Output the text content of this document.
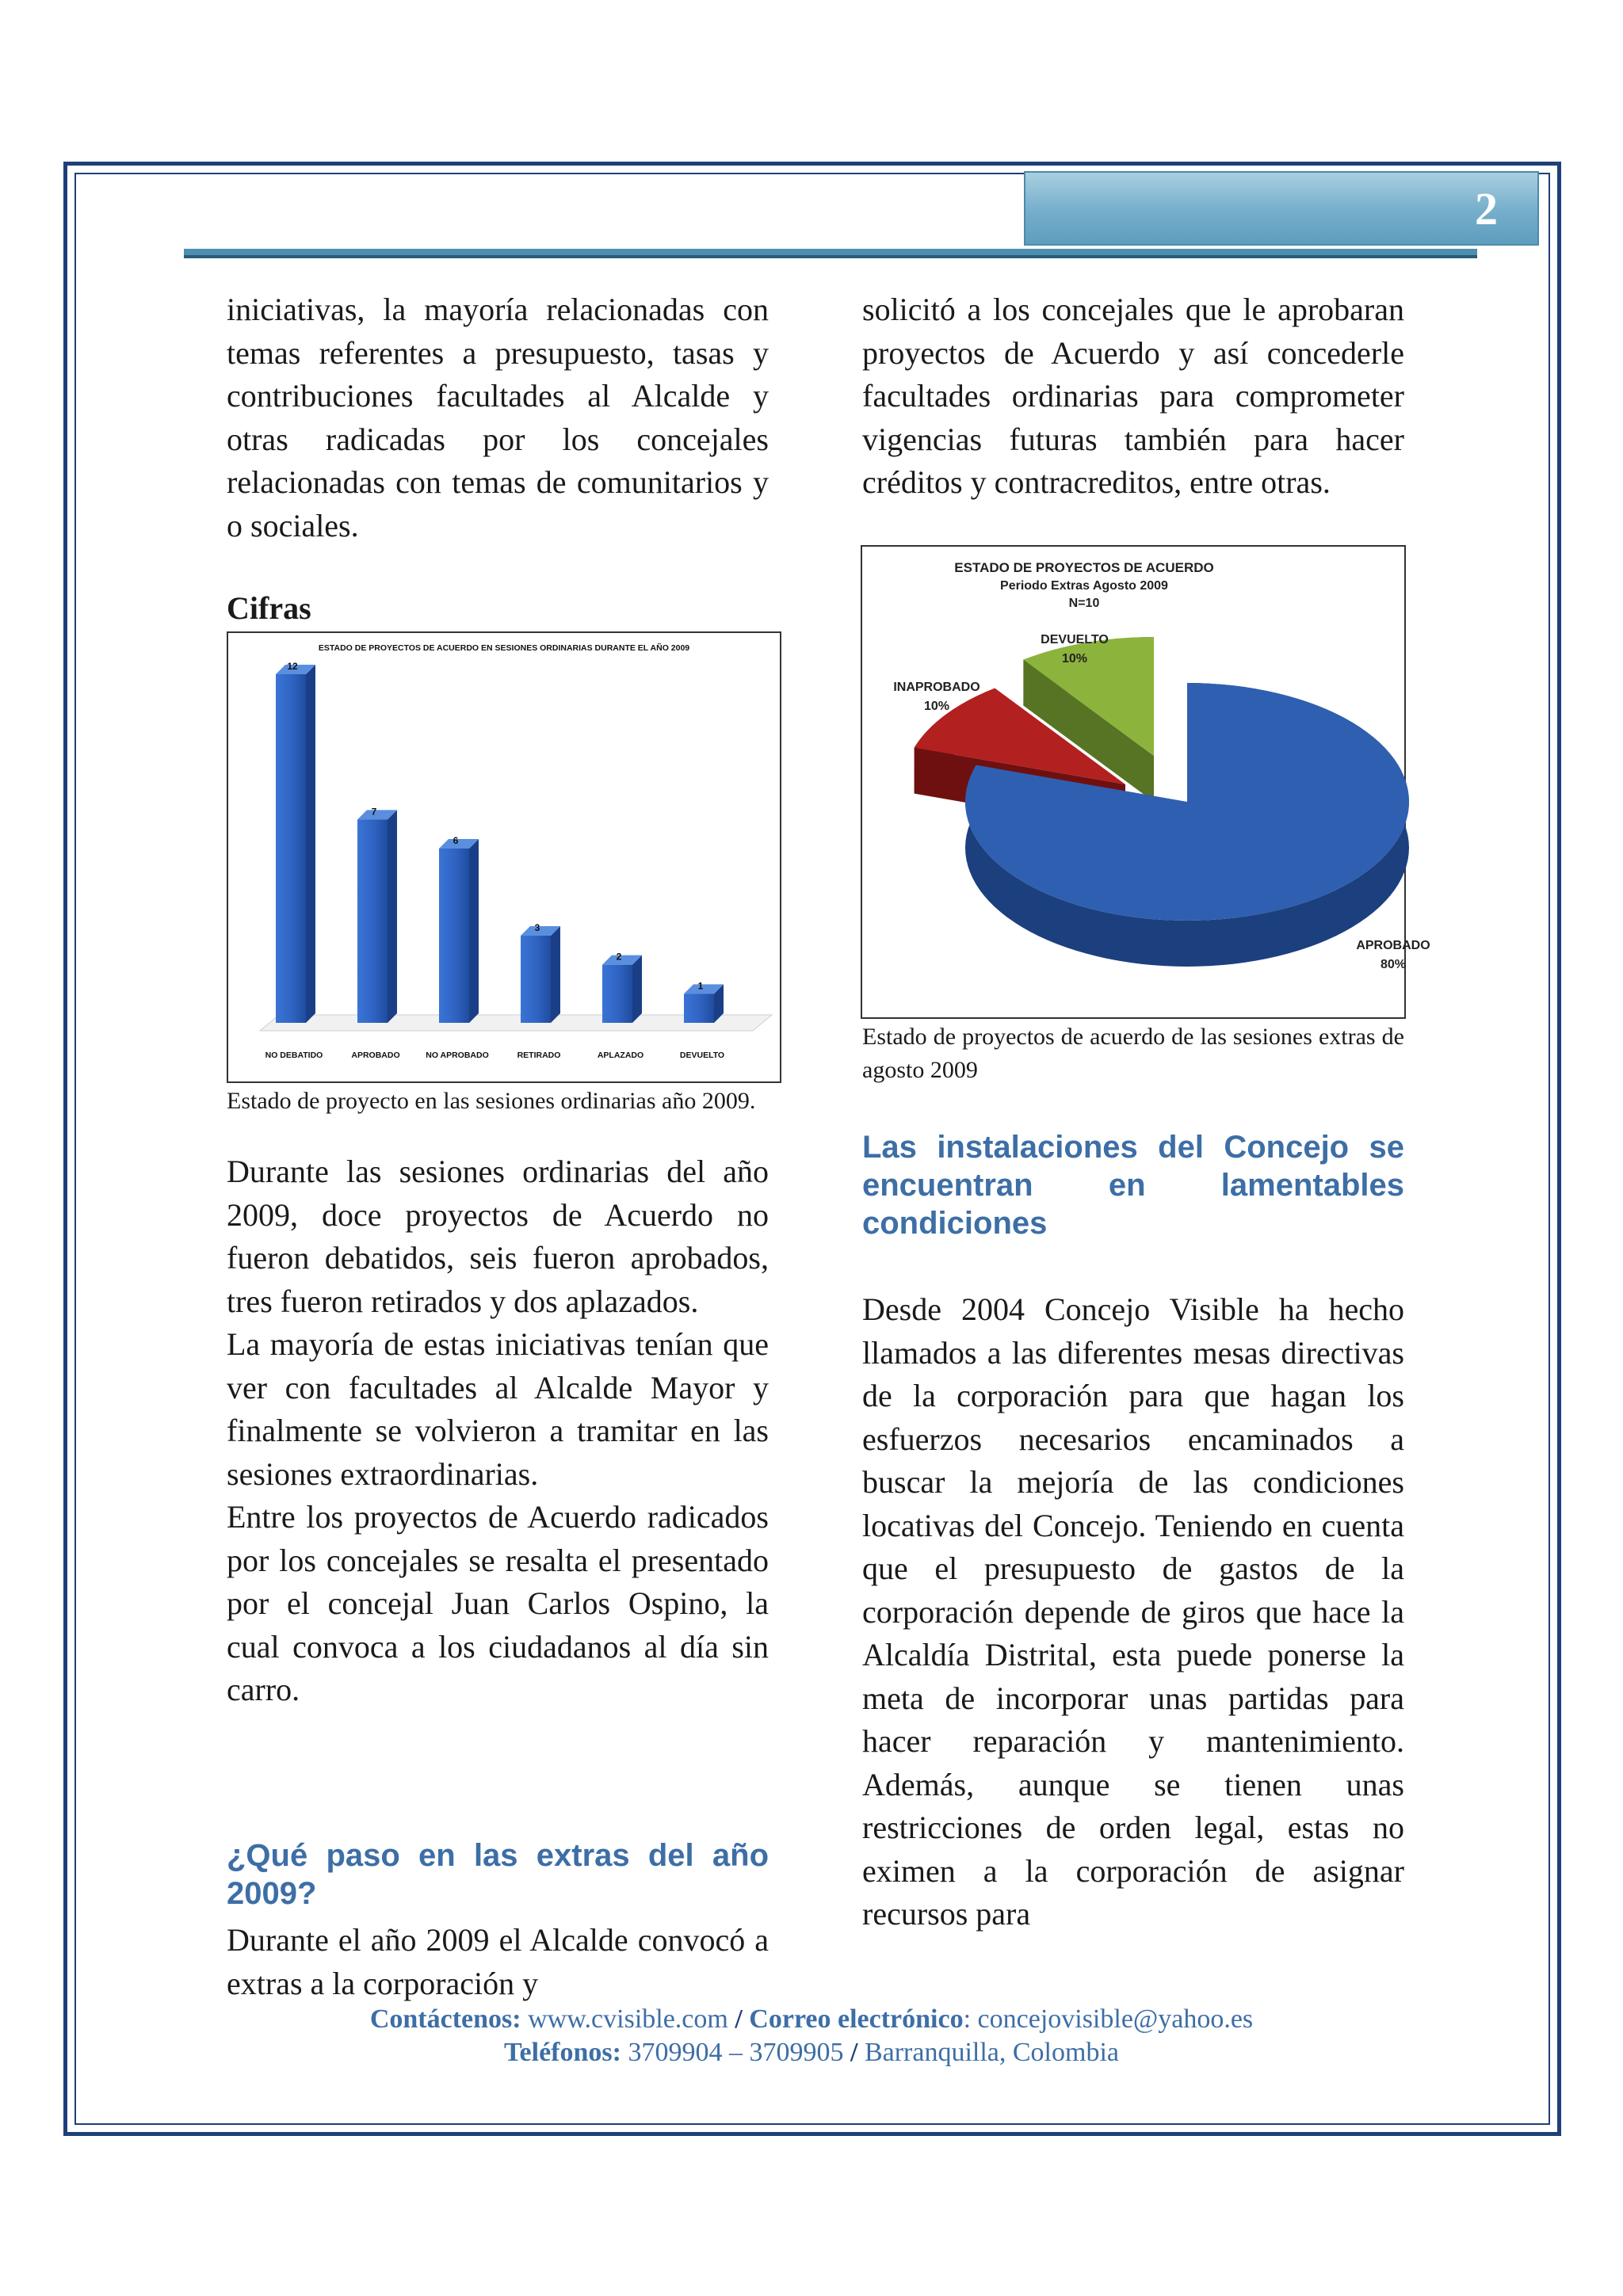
2

iniciativas, la mayoría relacionadas con temas referentes a presupuesto, tasas y contribuciones facultades al Alcalde y otras radicadas por los concejales relacionadas con temas de comunitarios y o sociales.

Cifras
ESTADO DE PROYECTOS DE ACUERDO EN SESIONES ORDINARIAS DURANTE EL AÑO 2009
12
NO DEBATIDO
7
APROBADO
6
NO APROBADO
3
RETIRADO
2
APLAZADO
1
DEVUELTO
Estado de proyecto en las sesiones ordinarias año 2009.

Durante las sesiones ordinarias del año 2009, doce proyectos de Acuerdo no fueron debatidos, seis fueron aprobados, tres fueron retirados y dos aplazados.

La mayoría de estas iniciativas tenían que ver con facultades al Alcalde Mayor y finalmente se volvieron a tramitar en las sesiones extraordinarias.

Entre los proyectos de Acuerdo radicados por los concejales se resalta el presentado por el concejal Juan Carlos Ospino, la cual convoca a los ciudadanos al día sin carro.

¿Qué paso en las extras del año 2009?

Durante el año 2009 el Alcalde convocó a extras a la corporación y

solicitó a los concejales que le aprobaran proyectos de Acuerdo y así concederle facultades ordinarias para comprometer vigencias futuras también para hacer créditos y contracreditos, entre otras.

ESTADO DE PROYECTOS DE ACUERDO
Periodo Extras Agosto 2009
N=10
APROBADO
80%
INAPROBADO
10%
DEVUELTO
10%
Estado de proyectos de acuerdo de las sesiones extras de agosto 2009
Las instalaciones del Concejo se encuentran en lamentables condiciones

Desde 2004 Concejo Visible ha hecho llamados a las diferentes mesas directivas de la corporación para que hagan los esfuerzos necesarios encaminados a buscar la mejoría de las condiciones locativas del Concejo. Teniendo en cuenta que el presupuesto de gastos de la corporación depende de giros que hace la Alcaldía Distrital, esta puede ponerse la meta de incorporar unas partidas para hacer reparación y mantenimiento. Además, aunque se tienen unas restricciones de orden legal, estas no eximen a la corporación de asignar recursos para

Contáctenos: www.cvisible.com / Correo electrónico: concejovisible@yahoo.es
Teléfonos: 3709904 – 3709905 / Barranquilla, Colombia
